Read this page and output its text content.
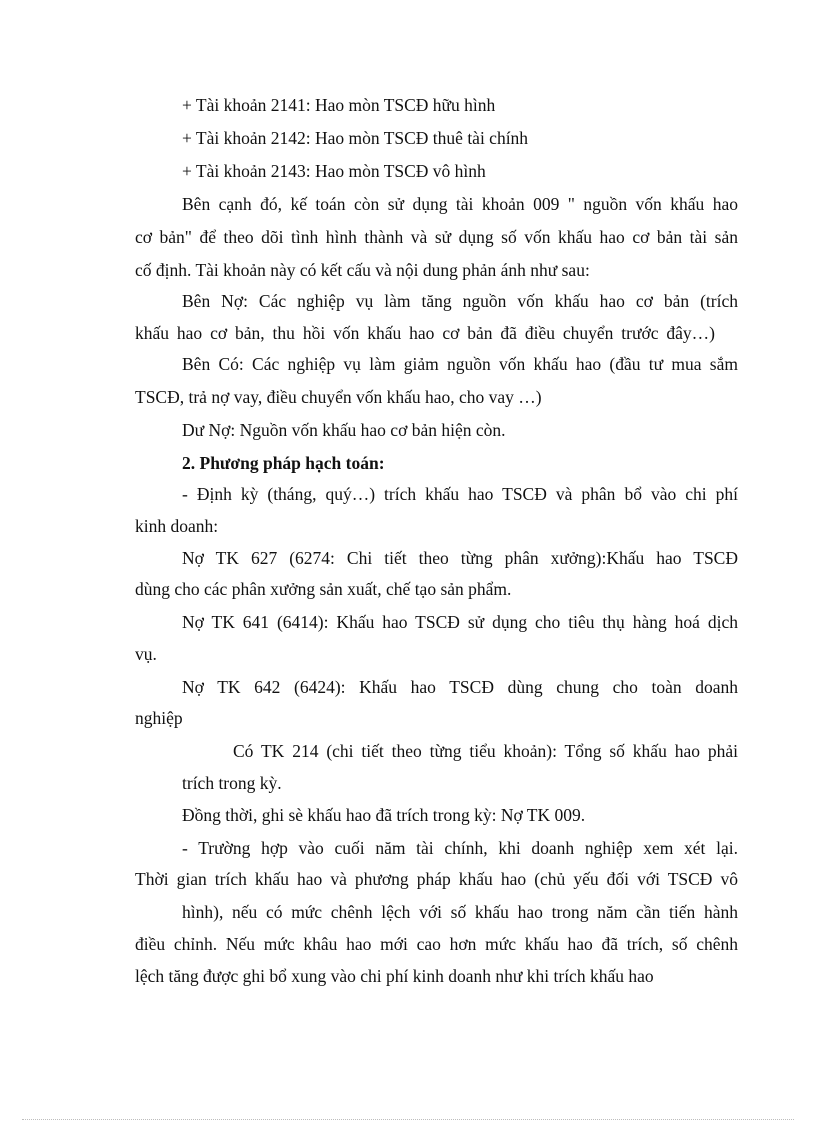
+ Tài khoản 2141: Hao mòn TSCĐ hữu hình

+ Tài khoản 2142: Hao mòn TSCĐ thuê tài chính

+ Tài khoản 2143: Hao mòn TSCĐ vô hình

Bên cạnh đó, kế toán còn sử dụng tài khoản 009 " nguồn vốn khấu hao

cơ bản" để theo dõi tình hình thành và sử dụng số vốn khấu hao cơ bản tài sản

cố định. Tài khoản này có kết cấu và nội dung phản ánh như sau:

Bên Nợ: Các nghiệp vụ làm tăng nguồn vốn khấu hao cơ bản (trích

khấu hao cơ bản, thu hồi vốn khấu hao cơ bản đã điều chuyển trước đây…)

Bên Có: Các nghiệp vụ làm giảm nguồn vốn khấu hao (đầu tư mua sắm

TSCĐ, trả nợ vay, điều chuyển vốn khấu hao, cho vay …)

Dư Nợ: Nguồn vốn khấu hao cơ bản hiện còn.

2. Phương pháp hạch toán:

- Định kỳ (tháng, quý…) trích khấu hao TSCĐ và phân bổ vào chi phí

kinh doanh:

Nợ TK 627 (6274: Chi tiết theo từng phân xưởng):Khấu hao TSCĐ

dùng cho các phân xưởng sản xuất, chế tạo sản phẩm.

Nợ TK 641 (6414): Khấu hao TSCĐ sử dụng cho tiêu thụ hàng hoá dịch

vụ.

Nợ TK 642 (6424): Khấu hao TSCĐ dùng chung cho toàn doanh

nghiệp

Có TK 214 (chi tiết theo từng tiểu khoản): Tổng số khấu hao phải

trích trong kỳ.

Đồng thời, ghi sè khấu hao đã trích trong kỳ: Nợ TK 009.

- Trường hợp vào cuối năm tài chính, khi doanh nghiệp xem xét lại.

Thời gian trích khấu hao và phương pháp khấu hao (chủ yếu đối với TSCĐ vô

hình), nếu có mức chênh lệch với số khấu hao trong năm cần tiến hành

điều chỉnh. Nếu mức khâu hao mới cao hơn mức khấu hao đã trích, số chênh

lệch tăng được ghi bổ xung vào chi phí kinh doanh như khi trích khấu hao
